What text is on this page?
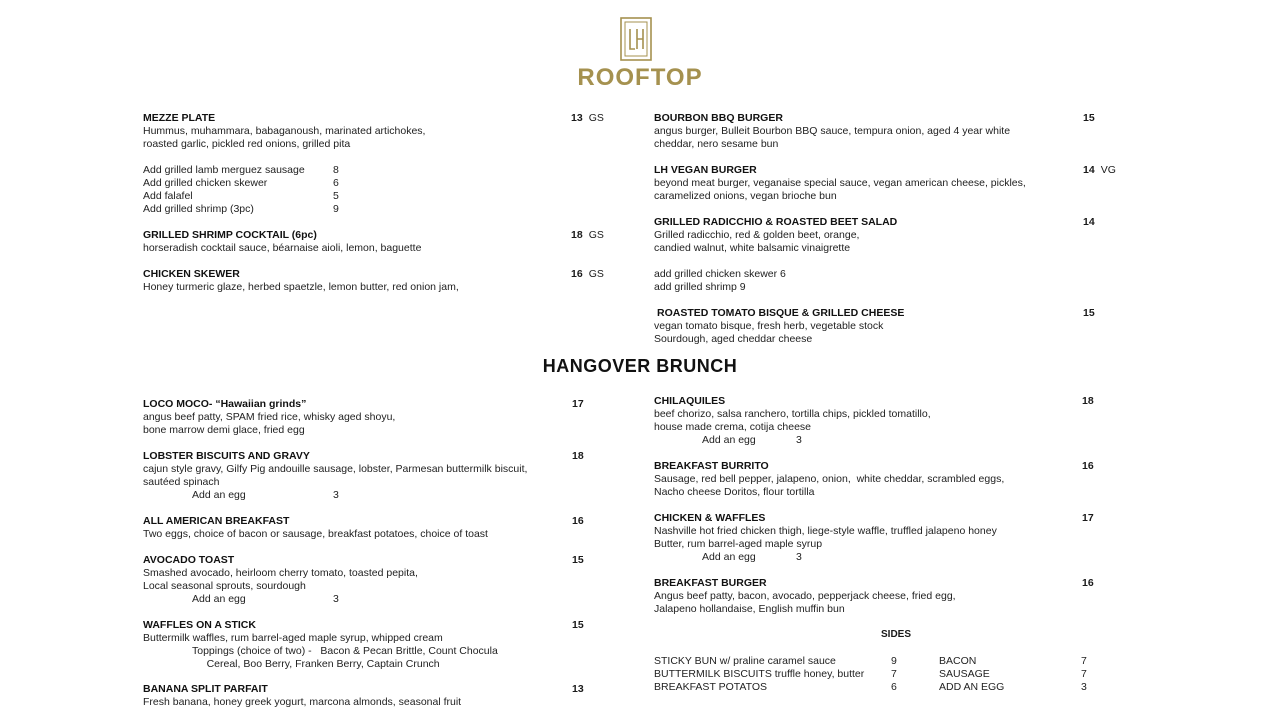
ROOFTOP
MEZZE PLATE
Hummus, muhammara, babaganoush, marinated artichokes,
roasted garlic, pickled red onions, grilled pita
13 GS
Add grilled lamb merguez sausage	8
Add grilled chicken skewer	6
Add falafel	5
Add grilled shrimp (3pc)	9
GRILLED SHRIMP COCKTAIL (6pc)
horseradish cocktail sauce, béarnaise aioli, lemon, baguette
18 GS
CHICKEN SKEWER
Honey turmeric glaze, herbed spaetzle, lemon butter, red onion jam,
16 GS
BOURBON BBQ BURGER
angus burger, Bulleit Bourbon BBQ sauce, tempura onion, aged 4 year white
cheddar, nero sesame bun
15
LH VEGAN BURGER
beyond meat burger, veganaise special sauce, vegan american cheese, pickles,
caramelized onions, vegan brioche bun
14 VG
GRILLED RADICCHIO & ROASTED BEET SALAD
Grilled radicchio, red & golden beet, orange,
candied walnut, white balsamic vinaigrette
14
add grilled chicken skewer 6
add grilled shrimp 9
ROASTED TOMATO BISQUE & GRILLED CHEESE
vegan tomato bisque, fresh herb, vegetable stock
Sourdough, aged cheddar cheese
15
HANGOVER BRUNCH
LOCO MOCO- “Hawaiian grinds”
angus beef patty, SPAM fried rice, whisky aged shoyu,
bone marrow demi glace, fried egg
17
LOBSTER BISCUITS AND GRAVY
cajun style gravy, Gilfy Pig andouille sausage, lobster, Parmesan buttermilk biscuit,
sautéed spinach
18
Add an egg	3
ALL AMERICAN BREAKFAST
Two eggs, choice of bacon or sausage, breakfast potatoes, choice of toast
16
AVOCADO TOAST
Smashed avocado, heirloom cherry tomato, toasted pepita,
Local seasonal sprouts, sourdough
15
Add an egg	3
WAFFLES ON A STICK
Buttermilk waffles, rum barrel-aged maple syrup, whipped cream
15
Toppings (choice of two) -   Bacon & Pecan Brittle, Count Chocula
Cereal, Boo Berry, Franken Berry, Captain Crunch
BANANA SPLIT PARFAIT
Fresh banana, honey greek yogurt, marcona almonds, seasonal fruit
13
CHILAQUILES
beef chorizo, salsa ranchero, tortilla chips, pickled tomatillo,
house made crema, cotija cheese
18
Add an egg	3
BREAKFAST BURRITO
Sausage, red bell pepper, jalapeno, onion,  white cheddar, scrambled eggs,
Nacho cheese Doritos, flour tortilla
16
CHICKEN & WAFFLES
Nashville hot fried chicken thigh, liege-style waffle, truffled jalapeno honey
Butter, rum barrel-aged maple syrup
17
Add an egg	3
BREAKFAST BURGER
Angus beef patty, bacon, avocado, pepperjack cheese, fried egg,
Jalapeno hollandaise, English muffin bun
16
SIDES
STICKY BUN w/ praline caramel sauce	9
BUTTERMILK BISCUITS truffle honey, butter	7
BREAKFAST POTATOS	6
BACON	7
SAUSAGE	7
ADD AN EGG	3
